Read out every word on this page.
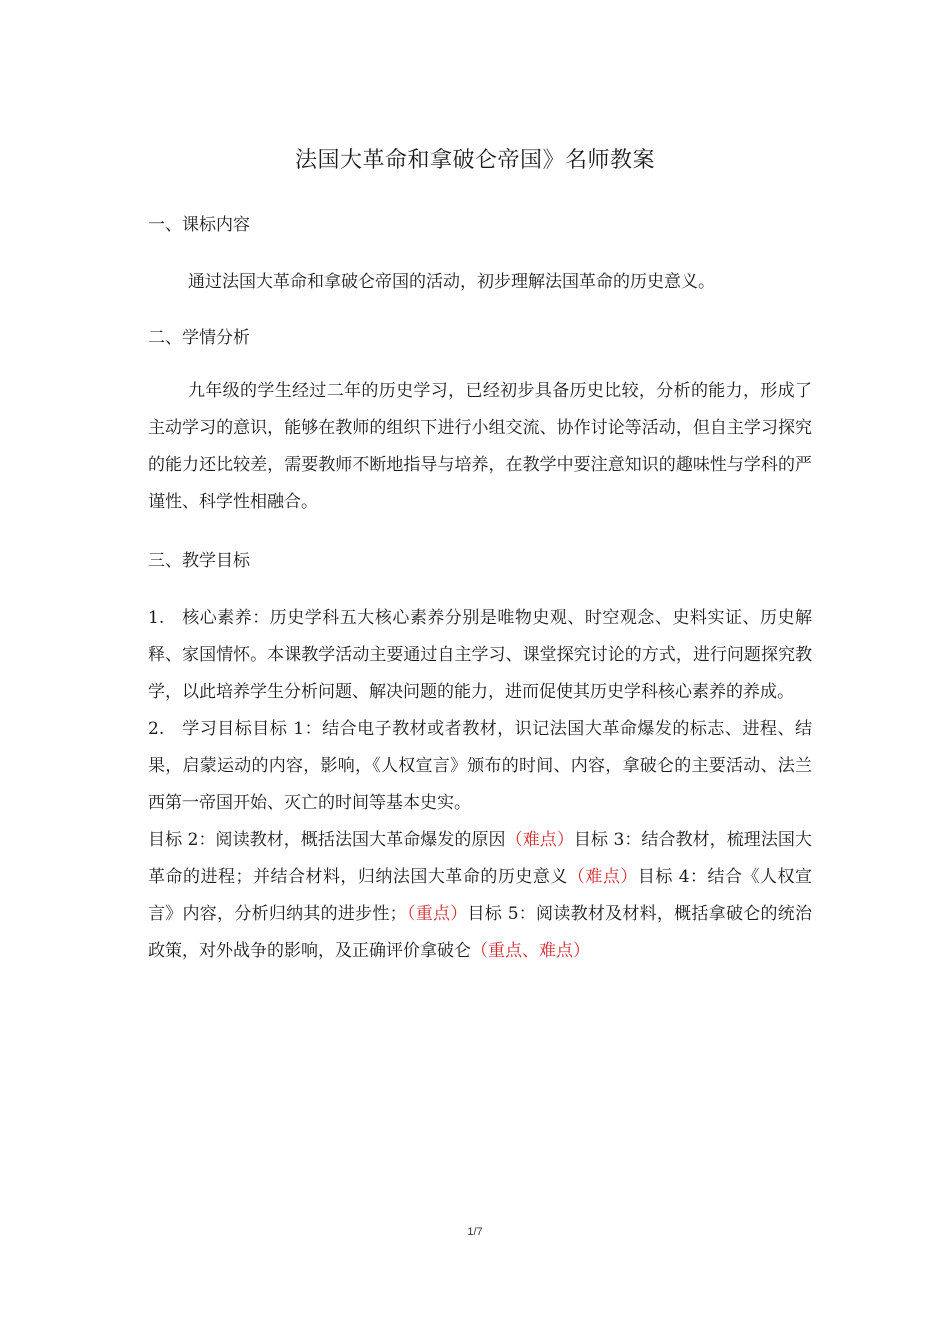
法国大革命和拿破仑帝国》名师教案
一、课标内容

通过法国大革命和拿破仑帝国的活动，初步理解法国革命的历史意义。

二、学情分析

九年级的学生经过二年的历史学习，已经初步具备历史比较，分析的能力，形成了主动学习的意识，能够在教师的组织下进行小组交流、协作讨论等活动，但自主学习探究的能力还比较差，需要教师不断地指导与培养，在教学中要注意知识的趣味性与学科的严谨性、科学性相融合。

三、教学目标

1.　核心素养：历史学科五大核心素养分别是唯物史观、时空观念、史料实证、历史解释、家国情怀。本课教学活动主要通过自主学习、课堂探究讨论的方式，进行问题探究教学，以此培养学生分析问题、解决问题的能力，进而促使其历史学科核心素养的养成。

2.　学习目标目标 1：结合电子教材或者教材，识记法国大革命爆发的标志、进程、结果，启蒙运动的内容，影响，《人权宣言》颁布的时间、内容，拿破仑的主要活动、法兰西第一帝国开始、灭亡的时间等基本史实。

目标 2：阅读教材，概括法国大革命爆发的原因（难点）目标 3：结合教材，梳理法国大革命的进程；并结合材料，归纳法国大革命的历史意义（难点）目标 4：结合《人权宣言》内容，分析归纳其的进步性；（重点）目标 5：阅读教材及材料，概括拿破仑的统治政策，对外战争的影响，及正确评价拿破仑（重点、难点）

1/7
